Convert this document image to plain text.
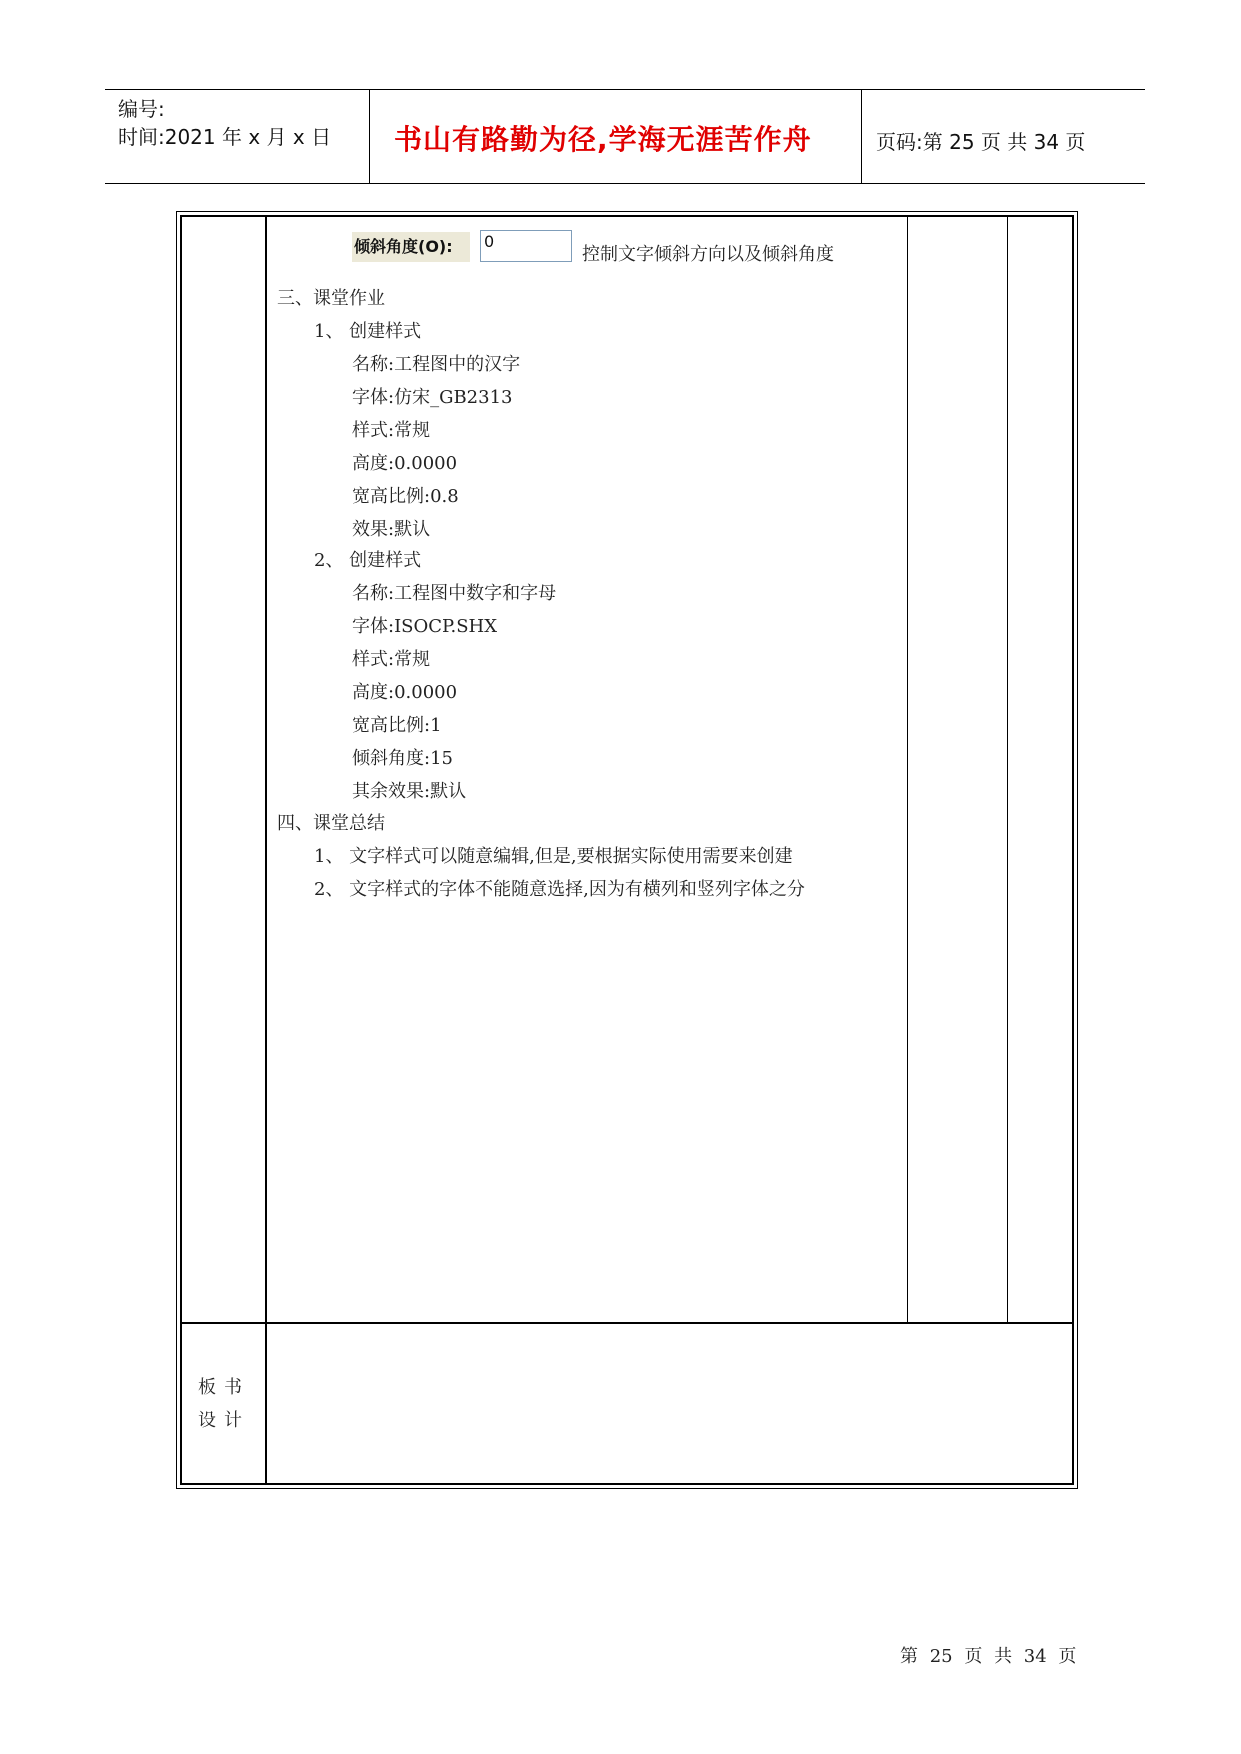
编号:
时间:2021 年 x 月 x 日 书山有路勤为径,学海无涯苦作舟	页码:第 25 页 共 34 页
倾斜角度(O):	0
控制文字倾斜方向以及倾斜角度
三、课堂作业
1、 创建样式
名称:工程图中的汉字
字体:仿宋_GB2313
样式:常规
高度:0.0000
宽高比例:0.8
效果:默认
2、 创建样式
名称:工程图中数字和字母
字体:ISOCP.SHX
样式:常规
高度:0.0000
宽高比例:1
倾斜角度:15
其余效果:默认
四、课堂总结
1、 文字样式可以随意编辑,但是,要根据实际使用需要来创建
2、 文字样式的字体不能随意选择,因为有横列和竖列字体之分
板书
设计
第 25 页 共 34 页
